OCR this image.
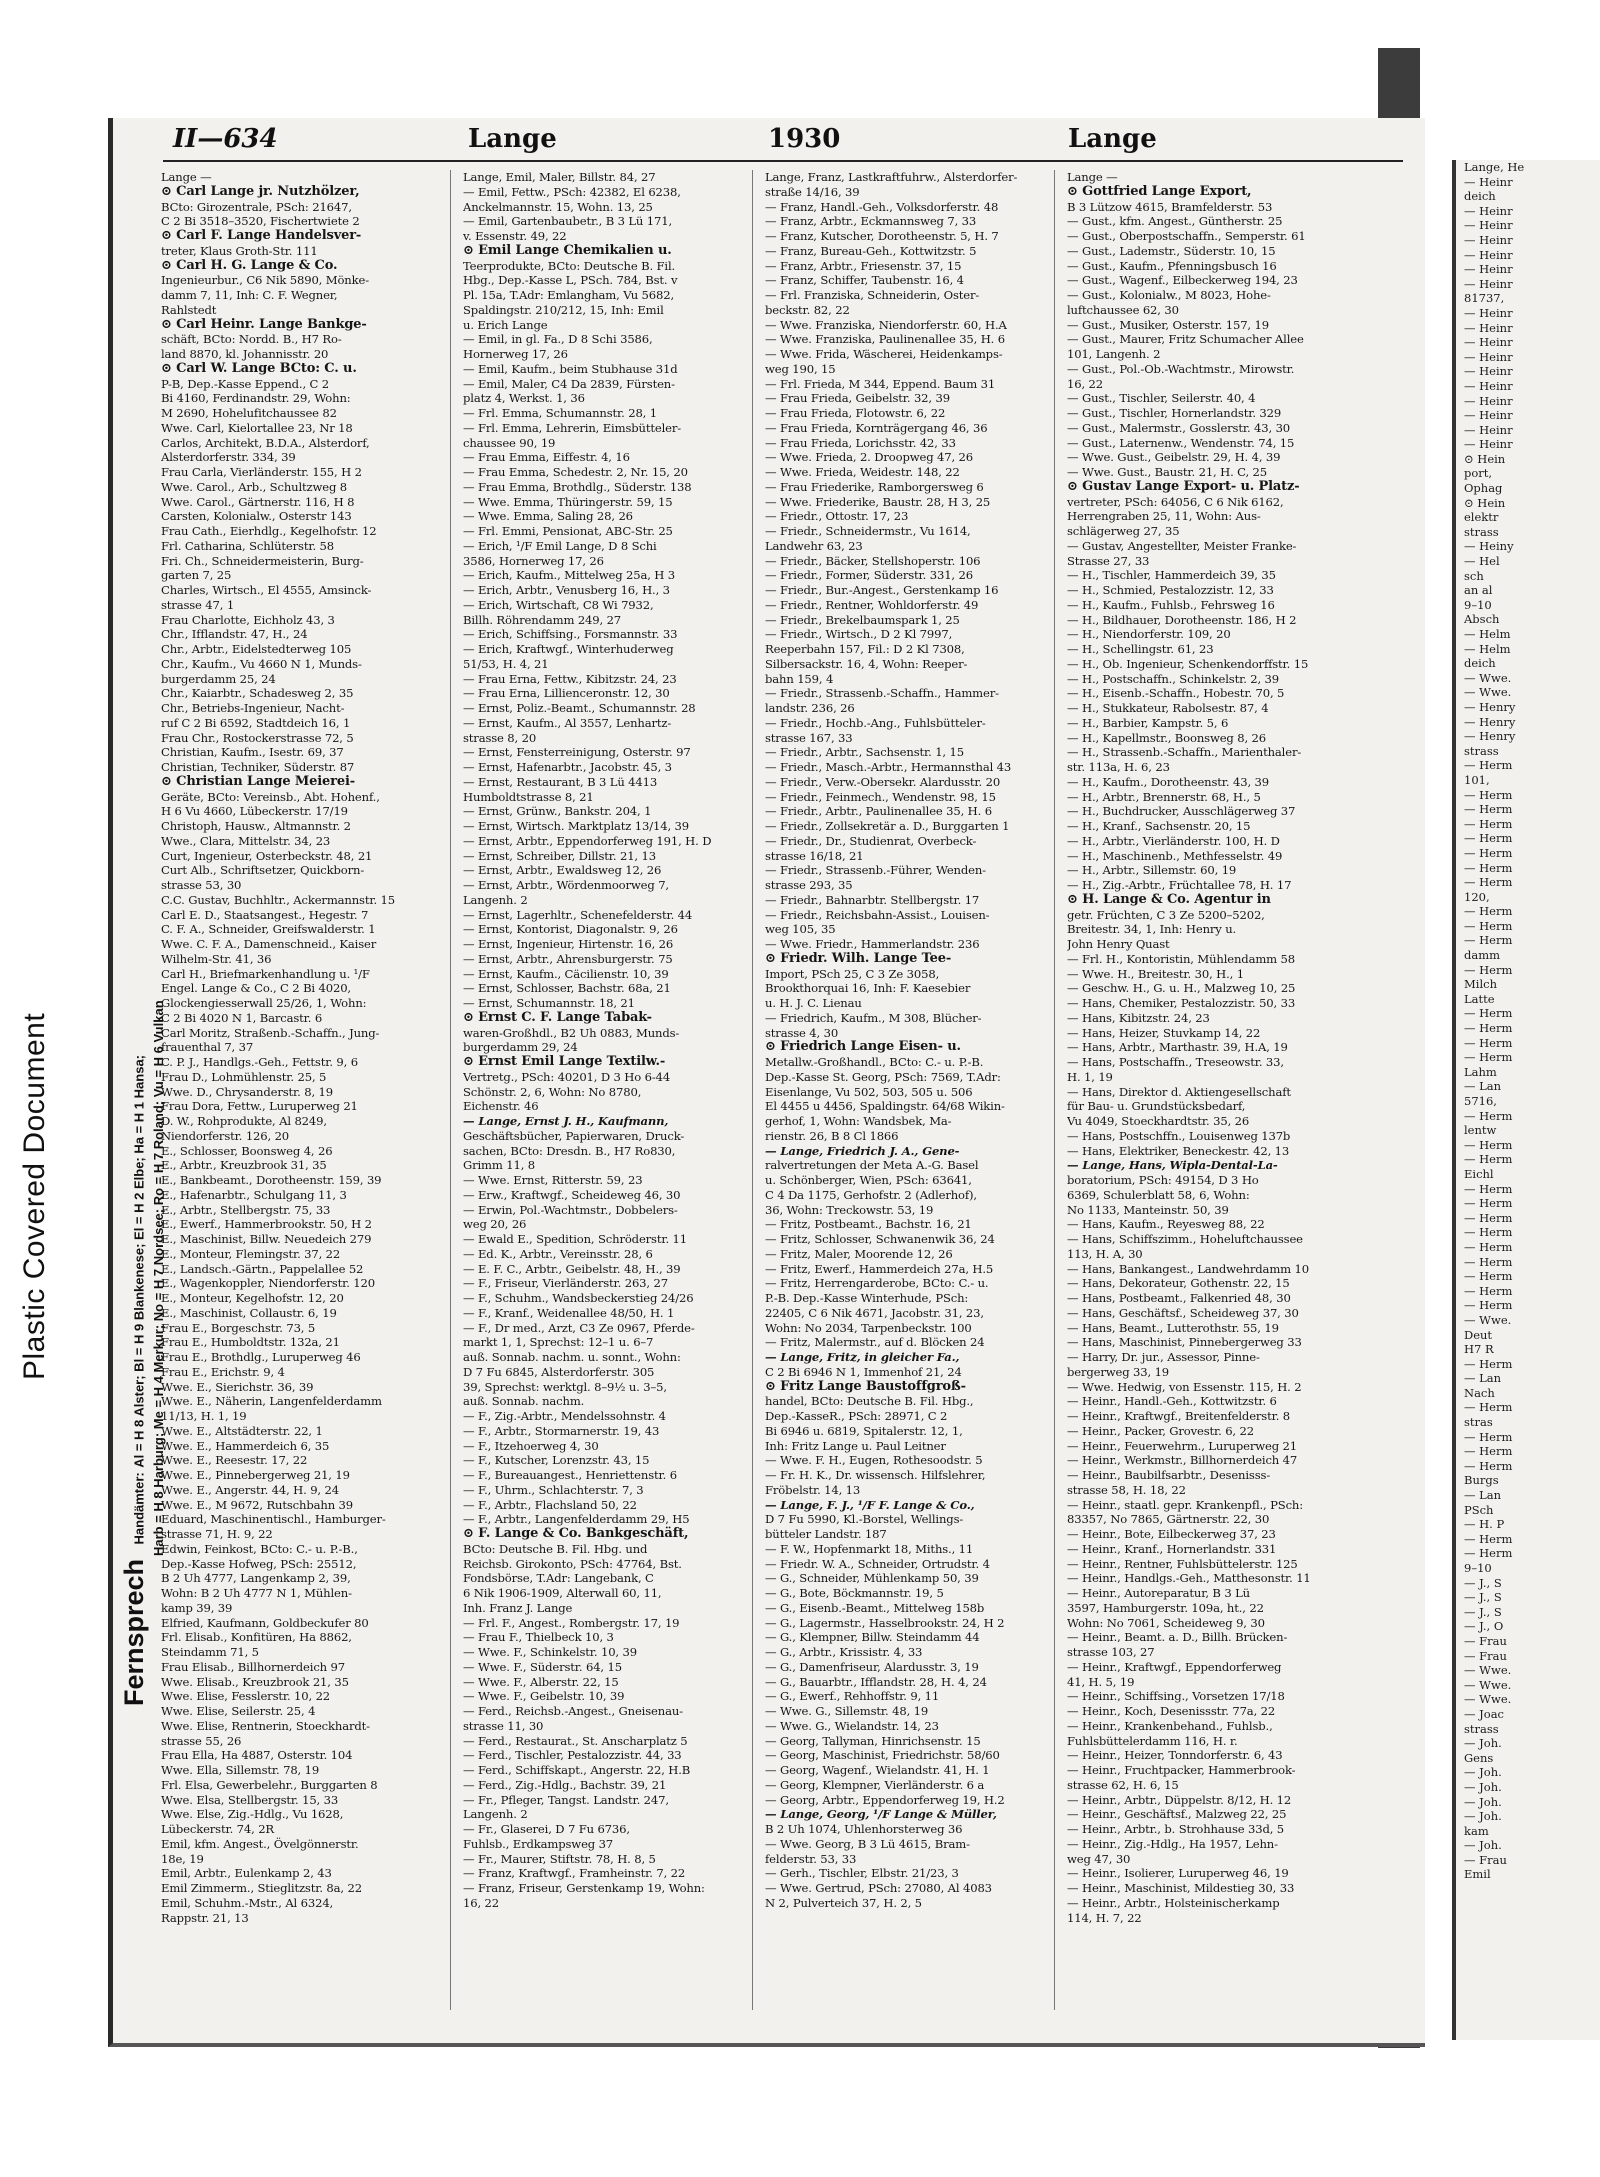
II—634	Lange	1930	Lange
Fernsprech Handämter: Al = H 8 Alster; Bl = H 9 Blankenese; El = H 2 Elbe; Ha = H 1 Hansa; Harb = H 8 Harburg; Me = H 4 Merkur; No = H 7 Nordsee; Ro = H 7 Roland; Vu = H 6 Vulkan
Lange —
⊙ Carl Lange jr. Nutzhölzer,
BCto: Girozentrale, PSch: 21647,
C 2 Bi 3518–3520, Fischertwiete 2
⊙ Carl F. Lange Handelsver-
treter, Klaus Groth-Str. 111
⊙ Carl H. G. Lange & Co.
Ingenieurbur., C6 Nik 5890, Mönke-
damm 7, 11, Inh: C. F. Wegner,
Rahlstedt
⊙ Carl Heinr. Lange Bankge-
schäft, BCto: Nordd. B., H7 Ro-
land 8870, kl. Johannisstr. 20
⊙ Carl W. Lange BCto: C. u.
P-B, Dep.-Kasse Eppend., C 2
Bi 4160, Ferdinandstr. 29, Wohn:
M 2690, Hohelufitchaussee 82
Wwe. Carl, Kielortallee 23, Nr 18
Carlos, Architekt, B.D.A., Alsterdorf,
Alsterdorferstr. 334, 39
Frau Carla, Vierländerstr. 155, H 2
Wwe. Carol., Arb., Schultzweg 8
Wwe. Carol., Gärtnerstr. 116, H 8
Carsten, Kolonialw., Osterstr 143
Frau Cath., Eierhdlg., Kegelhofstr. 12
Frl. Catharina, Schlüterstr. 58
Fri. Ch., Schneidermeisterin, Burg-
garten 7, 25
Charles, Wirtsch., El 4555, Amsinck-
strasse 47, 1
Frau Charlotte, Eichholz 43, 3
Chr., Ifflandstr. 47, H., 24
Chr., Arbtr., Eidelstedterweg 105
Chr., Kaufm., Vu 4660 N 1, Munds-
burgerdamm 25, 24
Chr., Kaiarbtr., Schadesweg 2, 35
Chr., Betriebs-Ingenieur, Nacht-
ruf C 2 Bi 6592, Stadtdeich 16, 1
Frau Chr., Rostockerstrasse 72, 5
Christian, Kaufm., Isestr. 69, 37
Christian, Techniker, Süderstr. 87
⊙ Christian Lange Meierei-
Geräte, BCto: Vereinsb., Abt. Hohenf.,
H 6 Vu 4660, Lübeckerstr. 17/19
Christoph, Hausw., Altmannstr. 2
Wwe., Clara, Mittelstr. 34, 23
Curt, Ingenieur, Osterbeckstr. 48, 21
Curt Alb., Schriftsetzer, Quickborn-
strasse 53, 30
C.C. Gustav, Buchhltr., Ackermannstr. 15
Carl E. D., Staatsangest., Hegestr. 7
C. F. A., Schneider, Greifswalderstr. 1
Wwe. C. F. A., Damenschneid., Kaiser
Wilhelm-Str. 41, 36
Carl H., Briefmarkenhandlung u. ¹/F
Engel. Lange & Co., C 2 Bi 4020,
Glockengiesserwall 25/26, 1, Wohn:
C 2 Bi 4020 N 1, Barcastr. 6
Carl Moritz, Straßenb.-Schaffn., Jung-
frauenthal 7, 37
C. P. J., Handlgs.-Geh., Fettstr. 9, 6
Frau D., Lohmühlenstr. 25, 5
Wwe. D., Chrysanderstr. 8, 19
Frau Dora, Fettw., Luruperweg 21
D. W., Rohprodukte, Al 8249,
Niendorferstr. 126, 20
E., Schlosser, Boonsweg 4, 26
E., Arbtr., Kreuzbrook 31, 35
E., Bankbeamt., Dorotheenstr. 159, 39
E., Hafenarbtr., Schulgang 11, 3
E., Arbtr., Stellbergstr. 75, 33
E., Ewerf., Hammerbrookstr. 50, H 2
E., Maschinist, Billw. Neuedeich 279
E., Monteur, Flemingstr. 37, 22
E., Landsch.-Gärtn., Pappelallee 52
E., Wagenkoppler, Niendorferstr. 120
E., Monteur, Kegelhofstr. 12, 20
E., Maschinist, Collaustr. 6, 19
Frau E., Borgeschstr. 73, 5
Frau E., Humboldtstr. 132a, 21
Frau E., Brothdlg., Luruperweg 46
Frau E., Erichstr. 9, 4
Wwe. E., Sierichstr. 36, 39
Wwe. E., Näherin, Langenfelderdamm
11/13, H. 1, 19
Wwe. E., Altstädterstr. 22, 1
Wwe. E., Hammerdeich 6, 35
Wwe. E., Reesestr. 17, 22
Wwe. E., Pinnebergerweg 21, 19
Wwe. E., Angerstr. 44, H. 9, 24
Wwe. E., M 9672, Rutschbahn 39
Eduard, Maschinentischl., Hamburger-
strasse 71, H. 9, 22
Edwin, Feinkost, BCto: C.- u. P.-B.,
Dep.-Kasse Hofweg, PSch: 25512,
B 2 Uh 4777, Langenkamp 2, 39,
Wohn: B 2 Uh 4777 N 1, Mühlen-
kamp 39, 39
Elfried, Kaufmann, Goldbeckufer 80
Frl. Elisab., Konfitüren, Ha 8862,
Steindamm 71, 5
Frau Elisab., Billhornerdeich 97
Wwe. Elisab., Kreuzbrook 21, 35
Wwe. Elise, Fesslerstr. 10, 22
Wwe. Elise, Seilerstr. 25, 4
Wwe. Elise, Rentnerin, Stoeckhardt-
strasse 55, 26
Frau Ella, Ha 4887, Osterstr. 104
Wwe. Ella, Sillemstr. 78, 19
Frl. Elsa, Gewerbelehr., Burggarten 8
Wwe. Elsa, Stellbergstr. 15, 33
Wwe. Else, Zig.-Hdlg., Vu 1628,
Lübeckerstr. 74, 2R
Emil, kfm. Angest., Övelgönnerstr.
18e, 19
Emil, Arbtr., Eulenkamp 2, 43
Emil Zimmerm., Stieglitzstr. 8a, 22
Emil, Schuhm.-Mstr., Al 6324,
Rappstr. 21, 13
Lange, Emil, Maler, Billstr. 84, 27
— Emil, Fettw., PSch: 42382, El 6238,
Anckelmannstr. 15, Wohn. 13, 25
— Emil, Gartenbaubetr., B 3 Lü 171,
v. Essenstr. 49, 22
⊙ Emil Lange Chemikalien u.
Teerprodukte, BCto: Deutsche B. Fil.
Hbg., Dep.-Kasse L, PSch. 784, Bst. v
Pl. 15a, T.Adr: Emlangham, Vu 5682,
Spaldingstr. 210/212, 15, Inh: Emil
u. Erich Lange
— Emil, in gl. Fa., D 8 Schi 3586,
Hornerweg 17, 26
— Emil, Kaufm., beim Stubhause 31d
— Emil, Maler, C4 Da 2839, Fürsten-
platz 4, Werkst. 1, 36
— Frl. Emma, Schumannstr. 28, 1
— Frl. Emma, Lehrerin, Eimsbütteler-
chaussee 90, 19
— Frau Emma, Eiffestr. 4, 16
— Frau Emma, Schedestr. 2, Nr. 15, 20
— Frau Emma, Brothdlg., Süderstr. 138
— Wwe. Emma, Thüringerstr. 59, 15
— Wwe. Emma, Saling 28, 26
— Frl. Emmi, Pensionat, ABC-Str. 25
— Erich, ¹/F Emil Lange, D 8 Schi
3586, Hornerweg 17, 26
— Erich, Kaufm., Mittelweg 25a, H 3
— Erich, Arbtr., Venusberg 16, H., 3
— Erich, Wirtschaft, C8 Wi 7932,
Billh. Röhrendamm 249, 27
— Erich, Schiffsing., Forsmannstr. 33
— Erich, Kraftwgf., Winterhuderweg
51/53, H. 4, 21
— Frau Erna, Fettw., Kibitzstr. 24, 23
— Frau Erna, Lillienceronstr. 12, 30
— Ernst, Poliz.-Beamt., Schumannstr. 28
— Ernst, Kaufm., Al 3557, Lenhartz-
strasse 8, 20
— Ernst, Fensterreinigung, Osterstr. 97
— Ernst, Hafenarbtr., Jacobstr. 45, 3
— Ernst, Restaurant, B 3 Lü 4413
Humboldtstrasse 8, 21
— Ernst, Grünw., Bankstr. 204, 1
— Ernst, Wirtsch. Marktplatz 13/14, 39
— Ernst, Arbtr., Eppendorferweg 191, H. D
— Ernst, Schreiber, Dillstr. 21, 13
— Ernst, Arbtr., Ewaldsweg 12, 26
— Ernst, Arbtr., Wördenmoorweg 7,
Langenh. 2
— Ernst, Lagerhltr., Schenefelderstr. 44
— Ernst, Kontorist, Diagonalstr. 9, 26
— Ernst, Ingenieur, Hirtenstr. 16, 26
— Ernst, Arbtr., Ahrensburgerstr. 75
— Ernst, Kaufm., Cäcilienstr. 10, 39
— Ernst, Schlosser, Bachstr. 68a, 21
— Ernst, Schumannstr. 18, 21
⊙ Ernst C. F. Lange Tabak-
waren-Großhdl., B2 Uh 0883, Munds-
burgerdamm 29, 24
⊙ Ernst Emil Lange Textilw.-
Vertretg., PSch: 40201, D 3 Ho 6-44
Schönstr. 2, 6, Wohn: No 8780,
Eichenstr. 46
— Lange, Ernst J. H., Kaufmann,
Geschäftsbücher, Papierwaren, Druck-
sachen, BCto: Dresdn. B., H7 Ro830,
Grimm 11, 8
— Wwe. Ernst, Ritterstr. 59, 23
— Erw., Kraftwgf., Scheideweg 46, 30
— Erwin, Pol.-Wachtmstr., Dobbelers-
weg 20, 26
— Ewald E., Spedition, Schröderstr. 11
— Ed. K., Arbtr., Vereinsstr. 28, 6
— E. F. C., Arbtr., Geibelstr. 48, H., 39
— F., Friseur, Vierländerstr. 263, 27
— F., Schuhm., Wandsbeckerstieg 24/26
— F., Kranf., Weidenallee 48/50, H. 1
— F., Dr med., Arzt, C3 Ze 0967, Pferde-
markt 1, 1, Sprechst: 12–1 u. 6–7
auß. Sonnab. nachm. u. sonnt., Wohn:
D 7 Fu 6845, Alsterdorferstr. 305
39, Sprechst: werktgl. 8–9½ u. 3–5,
auß. Sonnab. nachm.
— F., Zig.-Arbtr., Mendelssohnstr. 4
— F., Arbtr., Stormarnerstr. 19, 43
— F., Itzehoerweg 4, 30
— F., Kutscher, Lorenzstr. 43, 15
— F., Bureauangest., Henriettenstr. 6
— F., Uhrm., Schlachterstr. 7, 3
— F., Arbtr., Flachsland 50, 22
— F., Arbtr., Langenfelderdamm 29, H5
⊙ F. Lange & Co. Bankgeschäft,
BCto: Deutsche B. Fil. Hbg. und
Reichsb. Girokonto, PSch: 47764, Bst.
Fondsbörse, T.Adr: Langebank, C
6 Nik 1906-1909, Alterwall 60, 11,
Inh. Franz J. Lange
— Frl. F., Angest., Rombergstr. 17, 19
— Frau F., Thielbeck 10, 3
— Wwe. F., Schinkelstr. 10, 39
— Wwe. F., Süderstr. 64, 15
— Wwe. F., Alberstr. 22, 15
— Wwe. F., Geibelstr. 10, 39
— Ferd., Reichsb.-Angest., Gneisenau-
strasse 11, 30
— Ferd., Restaurat., St. Anscharplatz 5
— Ferd., Tischler, Pestalozzistr. 44, 33
— Ferd., Schiffskapt., Angerstr. 22, H.B
— Ferd., Zig.-Hdlg., Bachstr. 39, 21
— Fr., Pfleger, Tangst. Landstr. 247,
Langenh. 2
— Fr., Glaserei, D 7 Fu 6736,
Fuhlsb., Erdkampsweg 37
— Fr., Maurer, Stiftstr. 78, H. 8, 5
— Franz, Kraftwgf., Framheinstr. 7, 22
— Franz, Friseur, Gerstenkamp 19, Wohn:
16, 22
Lange, Franz, Lastkraftfuhrw., Alsterdorfer-
straße 14/16, 39
— Franz, Handl.-Geh., Volksdorferstr. 48
— Franz, Arbtr., Eckmannsweg 7, 33
— Franz, Kutscher, Dorotheenstr. 5, H. 7
— Franz, Bureau-Geh., Kottwitzstr. 5
— Franz, Arbtr., Friesenstr. 37, 15
— Franz, Schiffer, Taubenstr. 16, 4
— Frl. Franziska, Schneiderin, Oster-
beckstr. 82, 22
— Wwe. Franziska, Niendorferstr. 60, H.A
— Wwe. Franziska, Paulinenallee 35, H. 6
— Wwe. Frida, Wäscherei, Heidenkamps-
weg 190, 15
— Frl. Frieda, M 344, Eppend. Baum 31
— Frau Frieda, Geibelstr. 32, 39
— Frau Frieda, Flotowstr. 6, 22
— Frau Frieda, Kornträgergang 46, 36
— Frau Frieda, Lorichsstr. 42, 33
— Wwe. Frieda, 2. Droopweg 47, 26
— Wwe. Frieda, Weidestr. 148, 22
— Frau Friederike, Ramborgersweg 6
— Wwe. Friederike, Baustr. 28, H 3, 25
— Friedr., Ottostr. 17, 23
— Friedr., Schneidermstr., Vu 1614,
Landwehr 63, 23
— Friedr., Bäcker, Stellshoperstr. 106
— Friedr., Former, Süderstr. 331, 26
— Friedr., Bur.-Angest., Gerstenkamp 16
— Friedr., Rentner, Wohldorferstr. 49
— Friedr., Brekelbaumspark 1, 25
— Friedr., Wirtsch., D 2 Kl 7997,
Reeperbahn 157, Fil.: D 2 Kl 7308,
Silbersackstr. 16, 4, Wohn: Reeper-
bahn 159, 4
— Friedr., Strassenb.-Schaffn., Hammer-
landstr. 236, 26
— Friedr., Hochb.-Ang., Fuhlsbütteler-
strasse 167, 33
— Friedr., Arbtr., Sachsenstr. 1, 15
— Friedr., Masch.-Arbtr., Hermannsthal 43
— Friedr., Verw.-Obersekr. Alardusstr. 20
— Friedr., Feinmech., Wendenstr. 98, 15
— Friedr., Arbtr., Paulinenallee 35, H. 6
— Friedr., Zollsekretär a. D., Burggarten 1
— Friedr., Dr., Studienrat, Overbeck-
strasse 16/18, 21
— Friedr., Strassenb.-Führer, Wenden-
strasse 293, 35
— Friedr., Bahnarbtr. Stellbergstr. 17
— Friedr., Reichsbahn-Assist., Louisen-
weg 105, 35
— Wwe. Friedr., Hammerlandstr. 236
⊙ Friedr. Wilh. Lange Tee-
Import, PSch 25, C 3 Ze 3058,
Brookthorquai 16, Inh: F. Kaesebier
u. H. J. C. Lienau
— Friedrich, Kaufm., M 308, Blücher-
strasse 4, 30
⊙ Friedrich Lange Eisen- u.
Metallw.-Großhandl., BCto: C.- u. P.-B.
Dep.-Kasse St. Georg, PSch: 7569, T.Adr:
Eisenlange, Vu 502, 503, 505 u. 506
El 4455 u 4456, Spaldingstr. 64/68 Wikin-
gerhof, 1, Wohn: Wandsbek, Ma-
rienstr. 26, B 8 Cl 1866
— Lange, Friedrich J. A., Gene-
ralvertretungen der Meta A.-G. Basel
u. Schönberger, Wien, PSch: 63641,
C 4 Da 1175, Gerhofstr. 2 (Adlerhof),
36, Wohn: Treckowstr. 53, 19
— Fritz, Postbeamt., Bachstr. 16, 21
— Fritz, Schlosser, Schwanenwik 36, 24
— Fritz, Maler, Moorende 12, 26
— Fritz, Ewerf., Hammerdeich 27a, H.5
— Fritz, Herrengarderobe, BCto: C.- u.
P.-B. Dep.-Kasse Winterhude, PSch:
22405, C 6 Nik 4671, Jacobstr. 31, 23,
Wohn: No 2034, Tarpenbeckstr. 100
— Fritz, Malermstr., auf d. Blöcken 24
— Lange, Fritz, in gleicher Fa.,
C 2 Bi 6946 N 1, Immenhof 21, 24
⊙ Fritz Lange Baustoffgroß-
handel, BCto: Deutsche B. Fil. Hbg.,
Dep.-KasseR., PSch: 28971, C 2
Bi 6946 u. 6819, Spitalerstr. 12, 1,
Inh: Fritz Lange u. Paul Leitner
— Wwe. F. H., Eugen, Rothesoodstr. 5
— Fr. H. K., Dr. wissensch. Hilfslehrer,
Fröbelstr. 14, 13
— Lange, F. J., ¹/F F. Lange & Co.,
D 7 Fu 5990, Kl.-Borstel, Wellings-
bütteler Landstr. 187
— F. W., Hopfenmarkt 18, Miths., 11
— Friedr. W. A., Schneider, Ortrudstr. 4
— G., Schneider, Mühlenkamp 50, 39
— G., Bote, Böckmannstr. 19, 5
— G., Eisenb.-Beamt., Mittelweg 158b
— G., Lagermstr., Hasselbrookstr. 24, H 2
— G., Klempner, Billw. Steindamm 44
— G., Arbtr., Krissistr. 4, 33
— G., Damenfriseur, Alardusstr. 3, 19
— G., Bauarbtr., Ifflandstr. 28, H. 4, 24
— G., Ewerf., Rehhoffstr. 9, 11
— Wwe. G., Sillemstr. 48, 19
— Wwe. G., Wielandstr. 14, 23
— Georg, Tallyman, Hinrichsenstr. 15
— Georg, Maschinist, Friedrichstr. 58/60
— Georg, Wagenf., Wielandstr. 41, H. 1
— Georg, Klempner, Vierländerstr. 6 a
— Georg, Arbtr., Eppendorferweg 19, H.2
— Lange, Georg, ¹/F Lange & Müller,
B 2 Uh 1074, Uhlenhorsterweg 36
— Wwe. Georg, B 3 Lü 4615, Bram-
felderstr. 53, 33
— Gerh., Tischler, Elbstr. 21/23, 3
— Wwe. Gertrud, PSch: 27080, Al 4083
N 2, Pulverteich 37, H. 2, 5
Lange —
⊙ Gottfried Lange Export,
B 3 Lützow 4615, Bramfelderstr. 53
— Gust., kfm. Angest., Güntherstr. 25
— Gust., Oberpostschaffn., Semperstr. 61
— Gust., Lademstr., Süderstr. 10, 15
— Gust., Kaufm., Pfenningsbusch 16
— Gust., Wagenf., Eilbeckerweg 194, 23
— Gust., Kolonialw., M 8023, Hohe-
luftchaussee 62, 30
— Gust., Musiker, Osterstr. 157, 19
— Gust., Maurer, Fritz Schumacher Allee
101, Langenh. 2
— Gust., Pol.-Ob.-Wachtmstr., Mirowstr.
16, 22
— Gust., Tischler, Seilerstr. 40, 4
— Gust., Tischler, Hornerlandstr. 329
— Gust., Malermstr., Gosslerstr. 43, 30
— Gust., Laternenw., Wendenstr. 74, 15
— Wwe. Gust., Geibelstr. 29, H. 4, 39
— Wwe. Gust., Baustr. 21, H. C, 25
⊙ Gustav Lange Export- u. Platz-
vertreter, PSch: 64056, C 6 Nik 6162,
Herrengraben 25, 11, Wohn: Aus-
schlägerweg 27, 35
— Gustav, Angestellter, Meister Franke-
Strasse 27, 33
— H., Tischler, Hammerdeich 39, 35
— H., Schmied, Pestalozzistr. 12, 33
— H., Kaufm., Fuhlsb., Fehrsweg 16
— H., Bildhauer, Dorotheenstr. 186, H 2
— H., Niendorferstr. 109, 20
— H., Schellingstr. 61, 23
— H., Ob. Ingenieur, Schenkendorffstr. 15
— H., Postschaffn., Schinkelstr. 2, 39
— H., Eisenb.-Schaffn., Hobestr. 70, 5
— H., Stukkateur, Rabolsestr. 87, 4
— H., Barbier, Kampstr. 5, 6
— H., Kapellmstr., Boonsweg 8, 26
— H., Strassenb.-Schaffn., Marienthaler-
str. 113a, H. 6, 23
— H., Kaufm., Dorotheenstr. 43, 39
— H., Arbtr., Brennerstr. 68, H., 5
— H., Buchdrucker, Ausschlägerweg 37
— H., Kranf., Sachsenstr. 20, 15
— H., Arbtr., Vierländerstr. 100, H. D
— H., Maschinenb., Methfesselstr. 49
— H., Arbtr., Sillemstr. 60, 19
— H., Zig.-Arbtr., Früchtallee 78, H. 17
⊙ H. Lange & Co. Agentur in
getr. Früchten, C 3 Ze 5200–5202,
Breitestr. 34, 1, Inh: Henry u.
John Henry Quast
— Frl. H., Kontoristin, Mühlendamm 58
— Wwe. H., Breitestr. 30, H., 1
— Geschw. H., G. u. H., Malzweg 10, 25
— Hans, Chemiker, Pestalozzistr. 50, 33
— Hans, Kibitzstr. 24, 23
— Hans, Heizer, Stuvkamp 14, 22
— Hans, Arbtr., Marthastr. 39, H.A, 19
— Hans, Postschaffn., Treseowstr. 33,
H. 1, 19
— Hans, Direktor d. Aktiengesellschaft
für Bau- u. Grundstücksbedarf,
Vu 4049, Stoeckhardtstr. 35, 26
— Hans, Postschffn., Louisenweg 137b
— Hans, Elektriker, Beneckestr. 42, 13
— Lange, Hans, Wipla-Dental-La-
boratorium, PSch: 49154, D 3 Ho
6369, Schulerblatt 58, 6, Wohn:
No 1133, Manteinstr. 50, 39
— Hans, Kaufm., Reyesweg 88, 22
— Hans, Schiffszimm., Hoheluftchaussee
113, H. A, 30
— Hans, Bankangest., Landwehrdamm 10
— Hans, Dekorateur, Gothenstr. 22, 15
— Hans, Postbeamt., Falkenried 48, 30
— Hans, Geschäftsf., Scheideweg 37, 30
— Hans, Beamt., Lutterothstr. 55, 19
— Hans, Maschinist, Pinnebergerweg 33
— Harry, Dr. jur., Assessor, Pinne-
bergerweg 33, 19
— Wwe. Hedwig, von Essenstr. 115, H. 2
— Heinr., Handl.-Geh., Kottwitzstr. 6
— Heinr., Kraftwgf., Breitenfelderstr. 8
— Heinr., Packer, Grovestr. 6, 22
— Heinr., Feuerwehrm., Luruperweg 21
— Heinr., Werkmstr., Billhornerdeich 47
— Heinr., Baubilfsarbtr., Desenisss-
strasse 58, H. 18, 22
— Heinr., staatl. gepr. Krankenpfl., PSch:
83357, No 7865, Gärtnerstr. 22, 30
— Heinr., Bote, Eilbeckerweg 37, 23
— Heinr., Kranf., Hornerlandstr. 331
— Heinr., Rentner, Fuhlsbüttelerstr. 125
— Heinr., Handlgs.-Geh., Matthesonstr. 11
— Heinr., Autoreparatur, B 3 Lü
3597, Hamburgerstr. 109a, ht., 22
Wohn: No 7061, Scheideweg 9, 30
— Heinr., Beamt. a. D., Billh. Brücken-
strasse 103, 27
— Heinr., Kraftwgf., Eppendorferweg
41, H. 5, 19
— Heinr., Schiffsing., Vorsetzen 17/18
— Heinr., Koch, Desenissstr. 77a, 22
— Heinr., Krankenbehand., Fuhlsb.,
Fuhlsbüttelerdamm 116, H. r.
— Heinr., Heizer, Tonndorferstr. 6, 43
— Heinr., Fruchtpacker, Hammerbrook-
strasse 62, H. 6, 15
— Heinr., Arbtr., Düppelstr. 8/12, H. 12
— Heinr., Geschäftsf., Malzweg 22, 25
— Heinr., Arbtr., b. Strohhause 33d, 5
— Heinr., Zig.-Hdlg., Ha 1957, Lehn-
weg 47, 30
— Heinr., Isolierer, Luruperweg 46, 19
— Heinr., Maschinist, Mildestieg 30, 33
— Heinr., Arbtr., Holsteinischerkamp
114, H. 7, 22
Lange, He
— Heinr
deich
— Heinr
— Heinr
— Heinr
— Heinr
— Heinr
— Heinr
81737,
— Heinr
— Heinr
— Heinr
— Heinr
— Heinr
— Heinr
— Heinr
— Heinr
— Heinr
— Heinr
⊙ Hein
port,
Ophag
⊙ Hein
elektr
strass
— Heiny
— Hel
sch
an al
9–10
Absch
— Helm
— Helm
deich
— Wwe.
— Wwe.
— Henry
— Henry
— Henry
strass
— Herm
101,
— Herm
— Herm
— Herm
— Herm
— Herm
— Herm
— Herm
120,
— Herm
— Herm
— Herm
damm
— Herm
Milch
Latte
— Herm
— Herm
— Herm
— Herm
Lahm
— Lan
5716,
— Herm
lentw
— Herm
— Herm
Eichl
— Herm
— Herm
— Herm
— Herm
— Herm
— Herm
— Herm
— Herm
— Herm
— Wwe.
Deut
H7 R
— Herm
— Lan
Nach
— Herm
stras
— Herm
— Herm
— Herm
Burgs
— Lan
PSch
— H. P
— Herm
— Herm
9–10
— J., S
— J., S
— J., S
— J., O
— Frau
— Frau
— Wwe.
— Wwe.
— Wwe.
— Joac
strass
— Joh.
Gens
— Joh.
— Joh.
— Joh.
— Joh.
kam
— Joh.
— Frau
Emil
Plastic Covered Document
